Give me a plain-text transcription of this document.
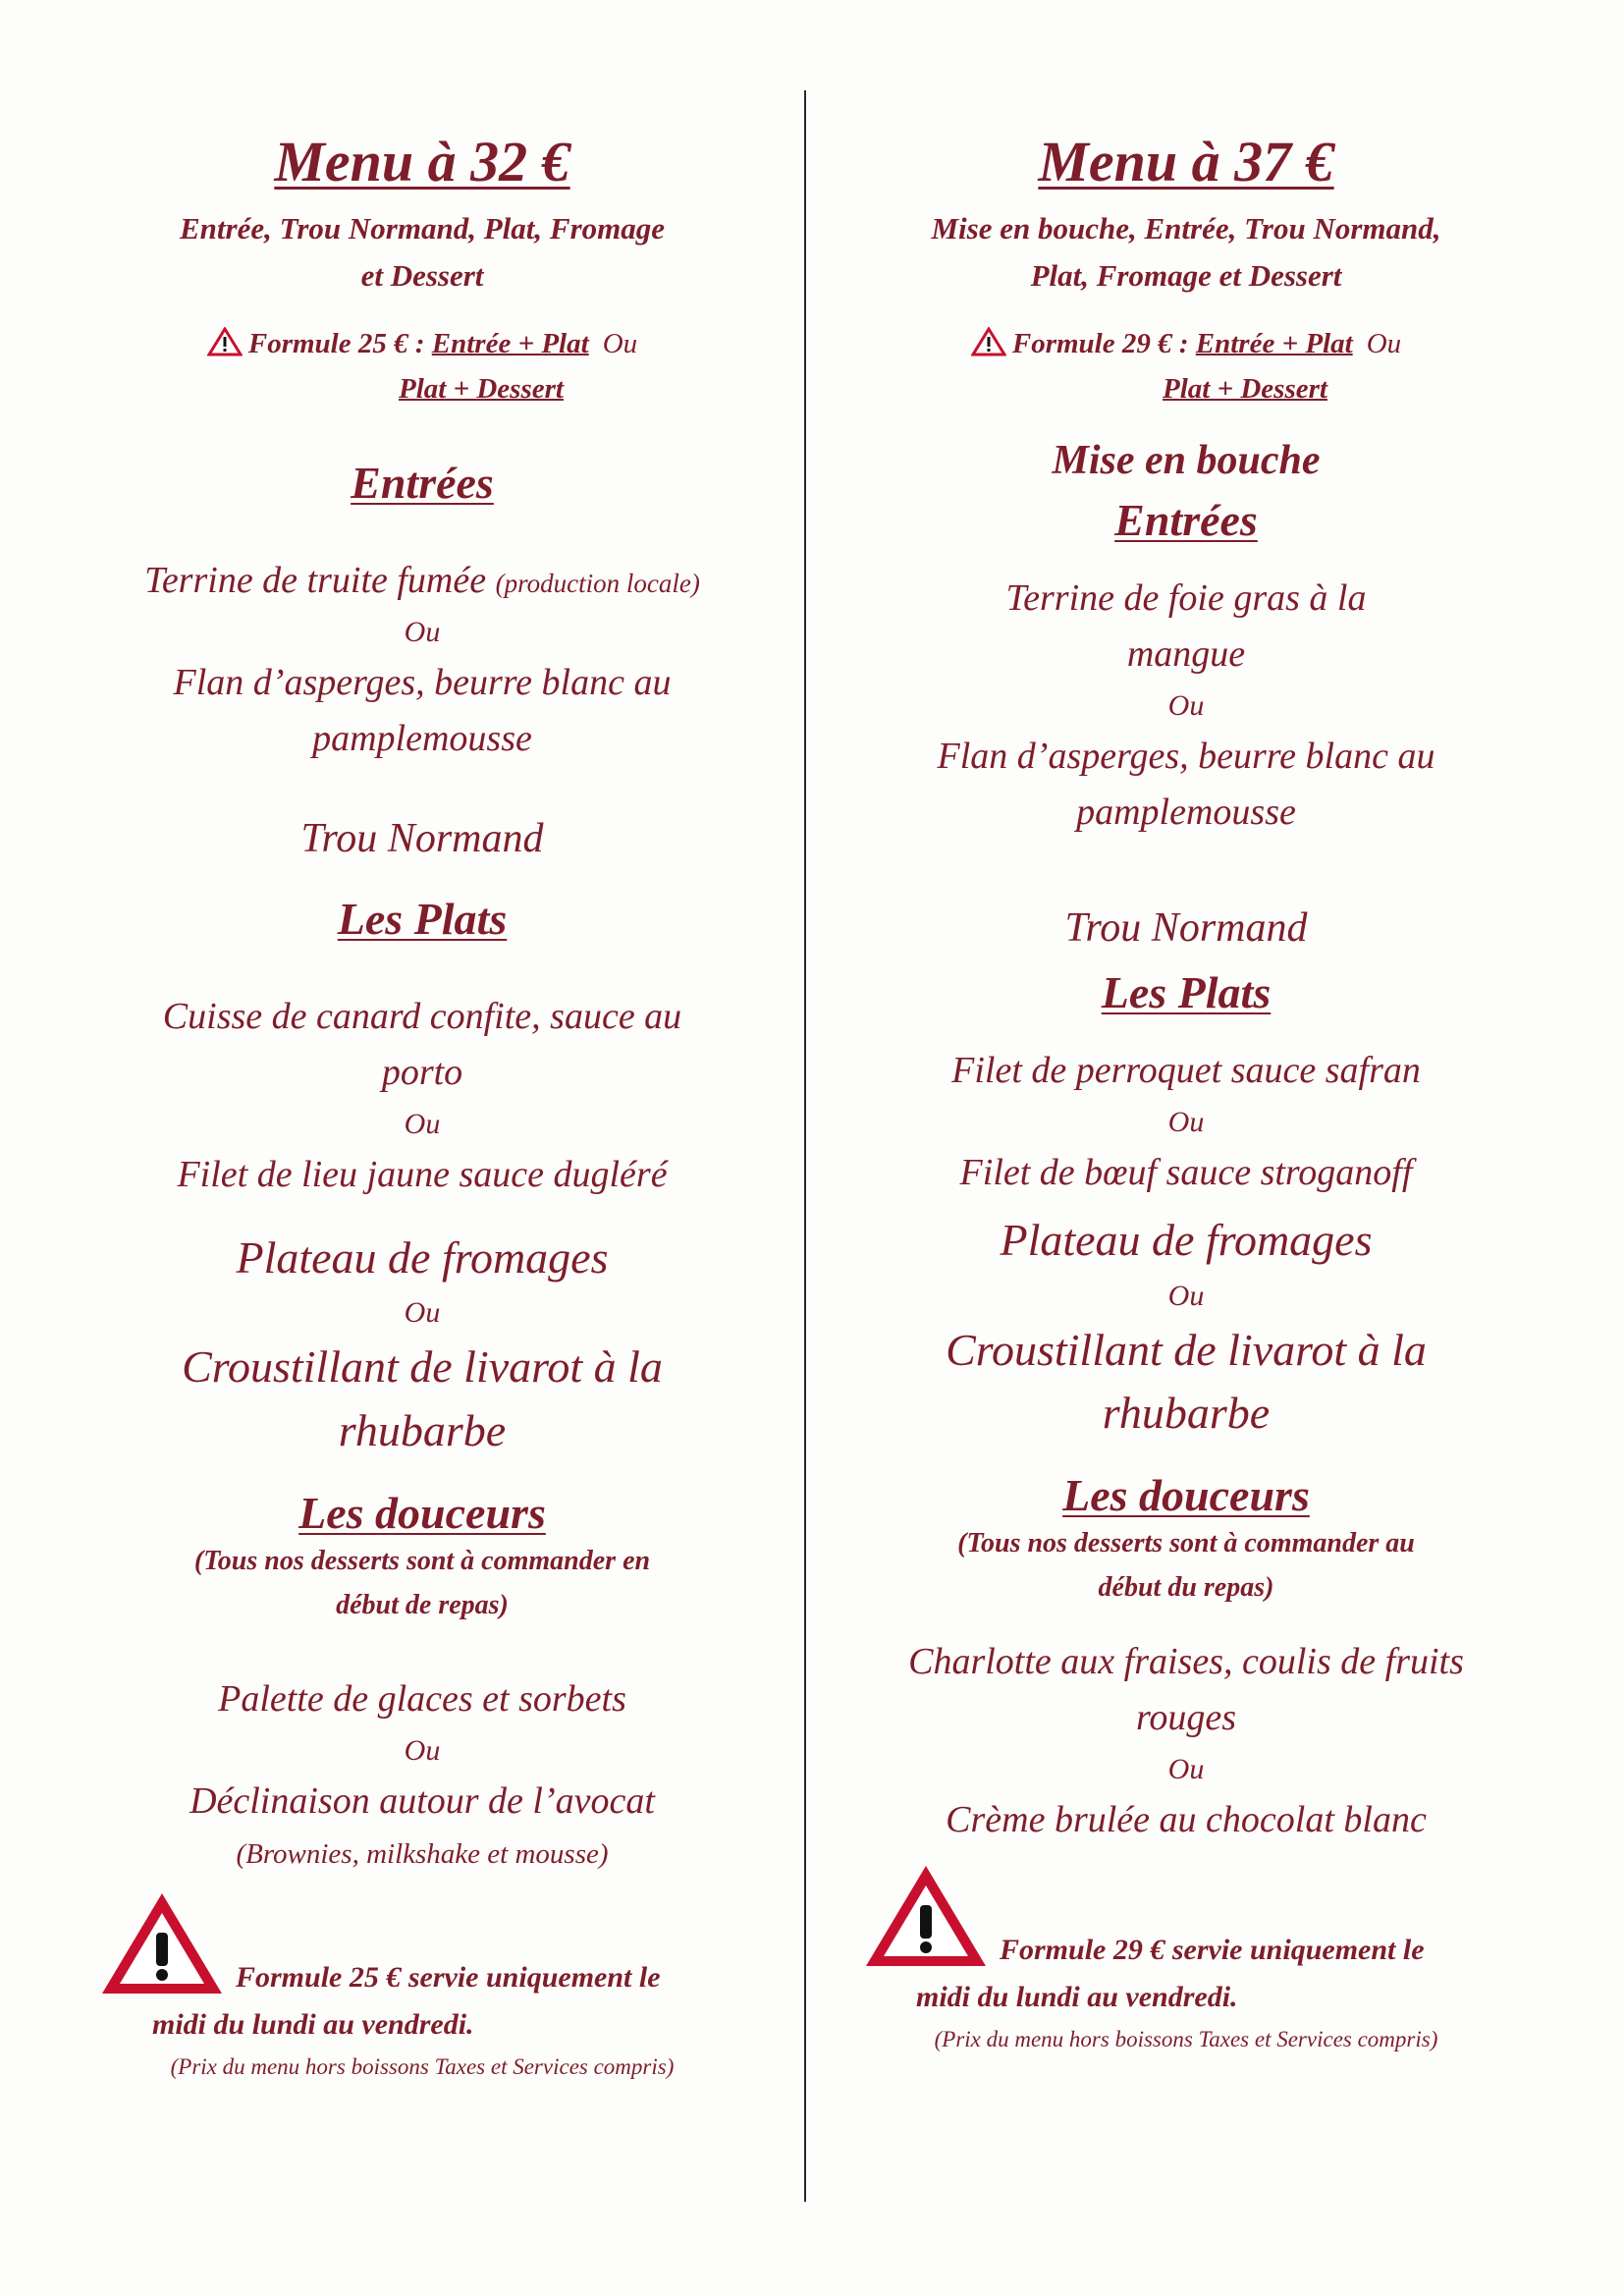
Menu à 32 €

Entrée, Trou Normand, Plat, Fromage
et Dessert

Formule 25 € : Entrée + Plat Ou
Plat + Dessert

Entrées

Terrine de truite fumée (production locale)

Ou

Flan d’asperges, beurre blanc au
pamplemousse

Trou Normand

Les Plats

Cuisse de canard confite, sauce au
porto

Ou

Filet de lieu jaune sauce dugléré

Plateau de fromages

Ou

Croustillant de livarot à la
rhubarbe

Les douceurs

(Tous nos desserts sont à commander en
début de repas)

Palette de glaces et sorbets

Ou

Déclinaison autour de l’avocat

(Brownies, milkshake et mousse)

Formule 25 € servie uniquement le
midi du lundi au vendredi.

(Prix du menu hors boissons Taxes et Services compris)

Menu à 37 €

Mise en bouche, Entrée, Trou Normand,
Plat, Fromage et Dessert

Formule 29 € : Entrée + Plat Ou
Plat + Dessert

Mise en bouche

Entrées

Terrine de foie gras à la
mangue

Ou

Flan d’asperges, beurre blanc au
pamplemousse

Trou Normand

Les Plats

Filet de perroquet sauce safran

Ou

Filet de bœuf sauce stroganoff

Plateau de fromages

Ou

Croustillant de livarot à la
rhubarbe

Les douceurs

(Tous nos desserts sont à commander au
début du repas)

Charlotte aux fraises, coulis de fruits
rouges

Ou

Crème brulée au chocolat blanc

Formule 29 € servie uniquement le
midi du lundi au vendredi.

(Prix du menu hors boissons Taxes et Services compris)
